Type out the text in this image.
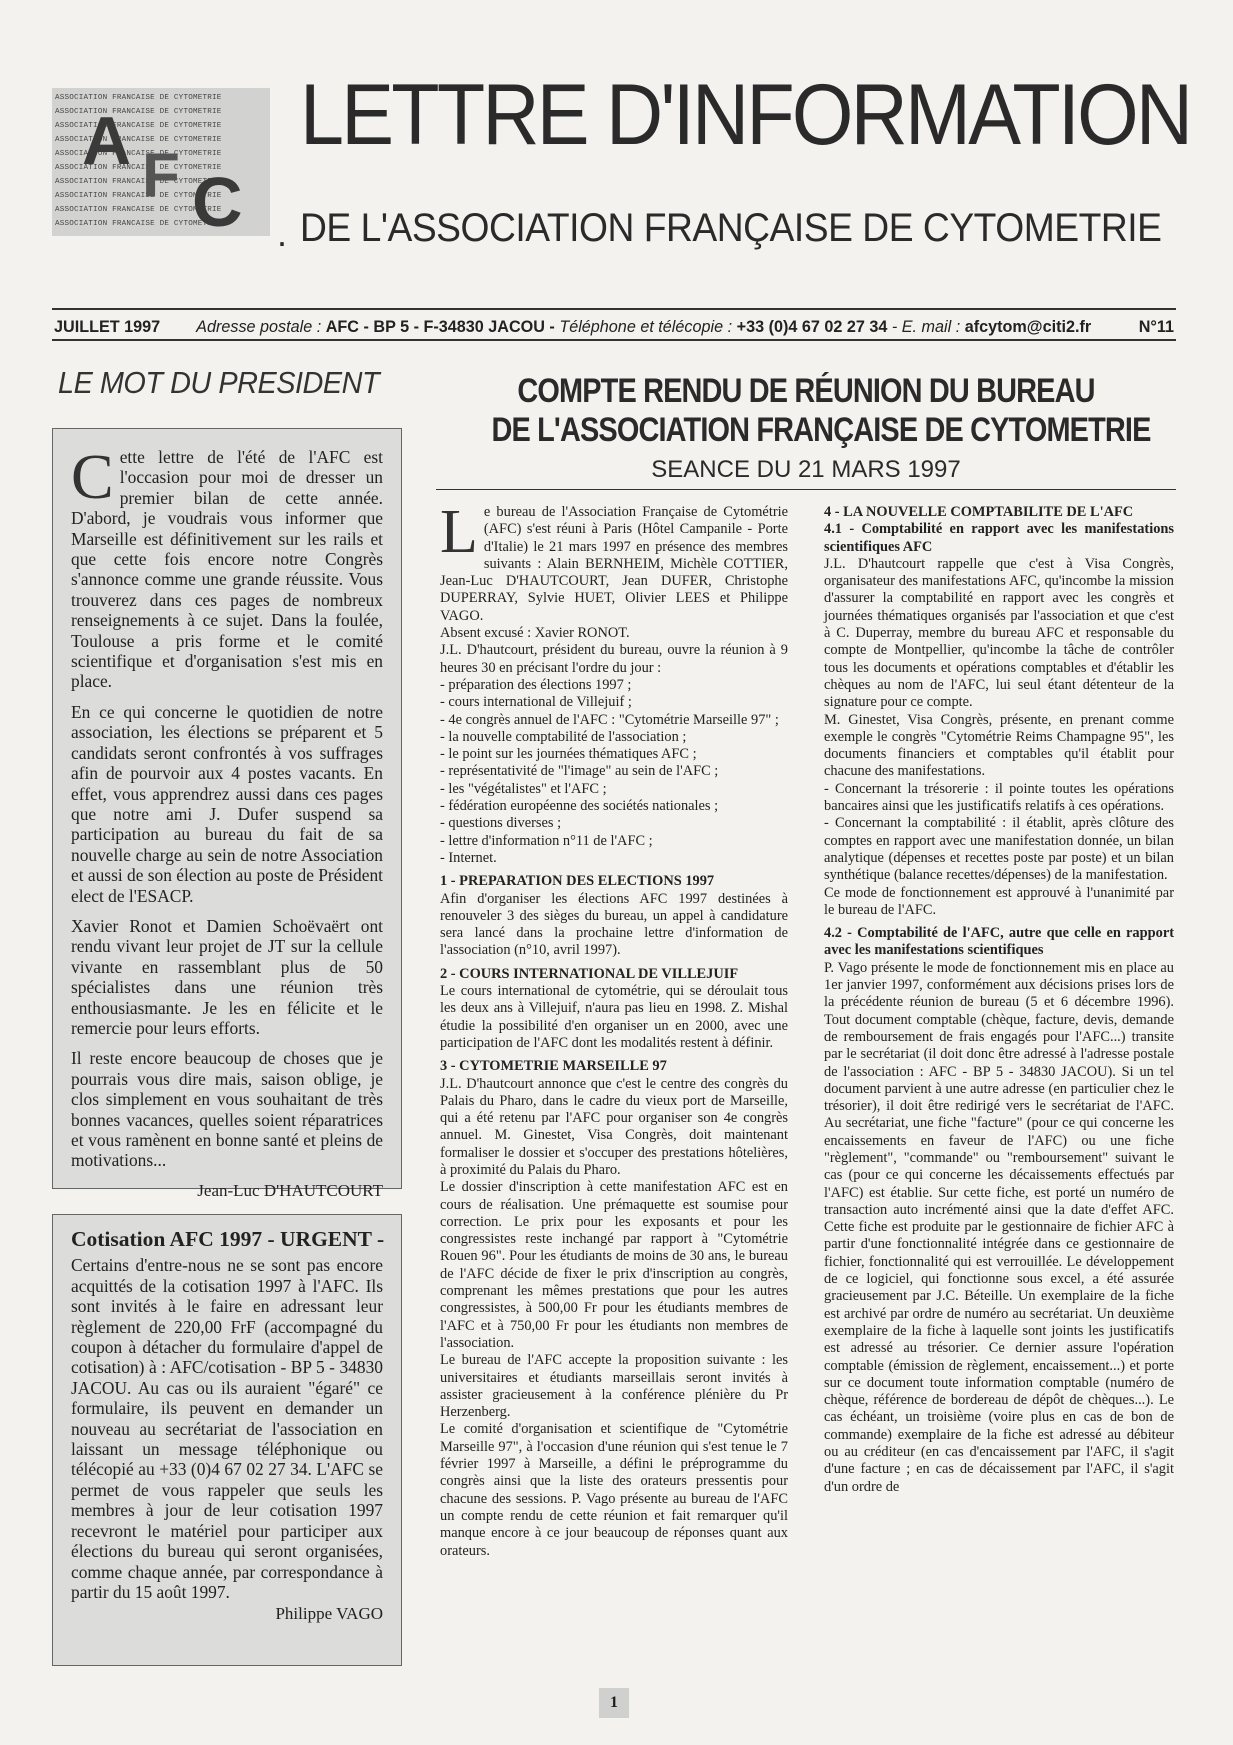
ASSOCIATION FRANCAISE DE CYTOMETRIE
ASSOCIATION FRANCAISE DE CYTOMETRIE
ASSOCIATION FRANCAISE DE CYTOMETRIE
ASSOCIATION FRANCAISE DE CYTOMETRIE
ASSOCIATION FRANCAISE DE CYTOMETRIE
ASSOCIATION FRANCAISE DE CYTOMETRIE
ASSOCIATION FRANCAISE DE CYTOMETRIE
ASSOCIATION FRANCAISE DE CYTOMETRIE
ASSOCIATION FRANCAISE DE CYTOMETRIE
ASSOCIATION FRANCAISE DE CYTOMETRIE
A F C
LETTRE D'INFORMATION
. DE L'ASSOCIATION FRANÇAISE DE CYTOMETRIE
JUILLET 1997 Adresse postale : AFC - BP 5 - F-34830 JACOU - Téléphone et télécopie : +33 (0)4 67 02 27 34 - E. mail : afcytom@citi2.fr	N°11
LE MOT DU PRESIDENT

Cette lettre de l'été de l'AFC est l'occasion pour moi de dresser un premier bilan de cette année. D'abord, je voudrais vous informer que Marseille est définitivement sur les rails et que cette fois encore notre Congrès s'annonce comme une grande réussite. Vous trouverez dans ces pages de nombreux renseignements à ce sujet. Dans la foulée, Toulouse a pris forme et le comité scientifique et d'organisation s'est mis en place.

En ce qui concerne le quotidien de notre association, les élections se préparent et 5 candidats seront confrontés à vos suffrages afin de pourvoir aux 4 postes vacants. En effet, vous apprendrez aussi dans ces pages que notre ami J. Dufer suspend sa participation au bureau du fait de sa nouvelle charge au sein de notre Association et aussi de son élection au poste de Président elect de l'ESACP.

Xavier Ronot et Damien Schoëvaërt ont rendu vivant leur projet de JT sur la cellule vivante en rassemblant plus de 50 spécialistes dans une réunion très enthousiasmante. Je les en félicite et le remercie pour leurs efforts.

Il reste encore beaucoup de choses que je pourrais vous dire mais, saison oblige, je clos simplement en vous souhaitant de très bonnes vacances, quelles soient réparatrices et vous ramènent en bonne santé et pleins de motivations...

Jean-Luc D'HAUTCOURT
Cotisation AFC 1997 - URGENT -

Certains d'entre-nous ne se sont pas encore acquittés de la cotisation 1997 à l'AFC. Ils sont invités à le faire en adressant leur règlement de 220,00 FrF (accompagné du coupon à détacher du formulaire d'appel de cotisation) à : AFC/cotisation - BP 5 - 34830 JACOU. Au cas ou ils auraient "égaré" ce formulaire, ils peuvent en demander un nouveau au secrétariat de l'association en laissant un message téléphonique ou télécopié au +33 (0)4 67 02 27 34. L'AFC se permet de vous rappeler que seuls les membres à jour de leur cotisation 1997 recevront le matériel pour participer aux élections du bureau qui seront organisées, comme chaque année, par correspondance à partir du 15 août 1997.

Philippe VAGO
COMPTE RENDU DE RÉUNION DU BUREAU
DE L'ASSOCIATION FRANÇAISE DE CYTOMETRIE
SEANCE DU 21 MARS 1997

Le bureau de l'Association Française de Cytométrie (AFC) s'est réuni à Paris (Hôtel Campanile - Porte d'Italie) le 21 mars 1997 en présence des membres suivants : Alain BERNHEIM, Michèle COTTIER, Jean-Luc D'HAUTCOURT, Jean DUFER, Christophe DUPERRAY, Sylvie HUET, Olivier LEES et Philippe VAGO.

Absent excusé : Xavier RONOT.

J.L. D'hautcourt, président du bureau, ouvre la réunion à 9 heures 30 en précisant l'ordre du jour :

- préparation des élections 1997 ;
- cours international de Villejuif ;
- 4e congrès annuel de l'AFC : "Cytométrie Marseille 97" ;
- la nouvelle comptabilité de l'association ;
- le point sur les journées thématiques AFC ;
- représentativité de "l'image" au sein de l'AFC ;
- les "végétalistes" et l'AFC ;
- fédération européenne des sociétés nationales ;
- questions diverses ;
- lettre d'information n°11 de l'AFC ;
- Internet.
1 - PREPARATION DES ELECTIONS 1997

Afin d'organiser les élections AFC 1997 destinées à renouveler 3 des sièges du bureau, un appel à candidature sera lancé dans la prochaine lettre d'information de l'association (n°10, avril 1997).

2 - COURS INTERNATIONAL DE VILLEJUIF

Le cours international de cytométrie, qui se déroulait tous les deux ans à Villejuif, n'aura pas lieu en 1998. Z. Mishal étudie la possibilité d'en organiser un en 2000, avec une participation de l'AFC dont les modalités restent à définir.

3 - CYTOMETRIE MARSEILLE 97

J.L. D'hautcourt annonce que c'est le centre des congrès du Palais du Pharo, dans le cadre du vieux port de Marseille, qui a été retenu par l'AFC pour organiser son 4e congrès annuel. M. Ginestet, Visa Congrès, doit maintenant formaliser le dossier et s'occuper des prestations hôtelières, à proximité du Palais du Pharo.

Le dossier d'inscription à cette manifestation AFC est en cours de réalisation. Une prémaquette est soumise pour correction. Le prix pour les exposants et pour les congressistes reste inchangé par rapport à "Cytométrie Rouen 96". Pour les étudiants de moins de 30 ans, le bureau de l'AFC décide de fixer le prix d'inscription au congrès, comprenant les mêmes prestations que pour les autres congressistes, à 500,00 Fr pour les étudiants membres de l'AFC et à 750,00 Fr pour les étudiants non membres de l'association.

Le bureau de l'AFC accepte la proposition suivante : les universitaires et étudiants marseillais seront invités à assister gracieusement à la conférence plénière du Pr Herzenberg.

Le comité d'organisation et scientifique de "Cytométrie Marseille 97", à l'occasion d'une réunion qui s'est tenue le 7 février 1997 à Marseille, a défini le préprogramme du congrès ainsi que la liste des orateurs pressentis pour chacune des sessions. P. Vago présente au bureau de l'AFC un compte rendu de cette réunion et fait remarquer qu'il manque encore à ce jour beaucoup de réponses quant aux orateurs.

4 - LA NOUVELLE COMPTABILITE DE L'AFC
4.1 - Comptabilité en rapport avec les manifestations scientifiques AFC

J.L. D'hautcourt rappelle que c'est à Visa Congrès, organisateur des manifestations AFC, qu'incombe la mission d'assurer la comptabilité en rapport avec les congrès et journées thématiques organisés par l'association et que c'est à C. Duperray, membre du bureau AFC et responsable du compte de Montpellier, qu'incombe la tâche de contrôler tous les documents et opérations comptables et d'établir les chèques au nom de l'AFC, lui seul étant détenteur de la signature pour ce compte.

M. Ginestet, Visa Congrès, présente, en prenant comme exemple le congrès "Cytométrie Reims Champagne 95", les documents financiers et comptables qu'il établit pour chacune des manifestations.

- Concernant la trésorerie : il pointe toutes les opérations bancaires ainsi que les justificatifs relatifs à ces opérations.

- Concernant la comptabilité : il établit, après clôture des comptes en rapport avec une manifestation donnée, un bilan analytique (dépenses et recettes poste par poste) et un bilan synthétique (balance recettes/dépenses) de la manifestation.

Ce mode de fonctionnement est approuvé à l'unanimité par le bureau de l'AFC.

4.2 - Comptabilité de l'AFC, autre que celle en rapport avec les manifestations scientifiques

P. Vago présente le mode de fonctionnement mis en place au 1er janvier 1997, conformément aux décisions prises lors de la précédente réunion de bureau (5 et 6 décembre 1996). Tout document comptable (chèque, facture, devis, demande de remboursement de frais engagés pour l'AFC...) transite par le secrétariat (il doit donc être adressé à l'adresse postale de l'association : AFC - BP 5 - 34830 JACOU). Si un tel document parvient à une autre adresse (en particulier chez le trésorier), il doit être redirigé vers le secrétariat de l'AFC. Au secrétariat, une fiche "facture" (pour ce qui concerne les encaissements en faveur de l'AFC) ou une fiche "règlement", "commande" ou "remboursement" suivant le cas (pour ce qui concerne les décaissements effectués par l'AFC) est établie. Sur cette fiche, est porté un numéro de transaction auto incrémenté ainsi que la date d'effet AFC. Cette fiche est produite par le gestionnaire de fichier AFC à partir d'une fonctionnalité intégrée dans ce gestionnaire de fichier, fonctionnalité qui est verrouillée. Le développement de ce logiciel, qui fonctionne sous excel, a été assurée gracieusement par J.C. Béteille. Un exemplaire de la fiche est archivé par ordre de numéro au secrétariat. Un deuxième exemplaire de la fiche à laquelle sont joints les justificatifs est adressé au trésorier. Ce dernier assure l'opération comptable (émission de règlement, encaissement...) et porte sur ce document toute information comptable (numéro de chèque, référence de bordereau de dépôt de chèques...). Le cas échéant, un troisième (voire plus en cas de bon de commande) exemplaire de la fiche est adressé au débiteur ou au créditeur (en cas d'encaissement par l'AFC, il s'agit d'une facture ; en cas de décaissement par l'AFC, il s'agit d'un ordre de

1
